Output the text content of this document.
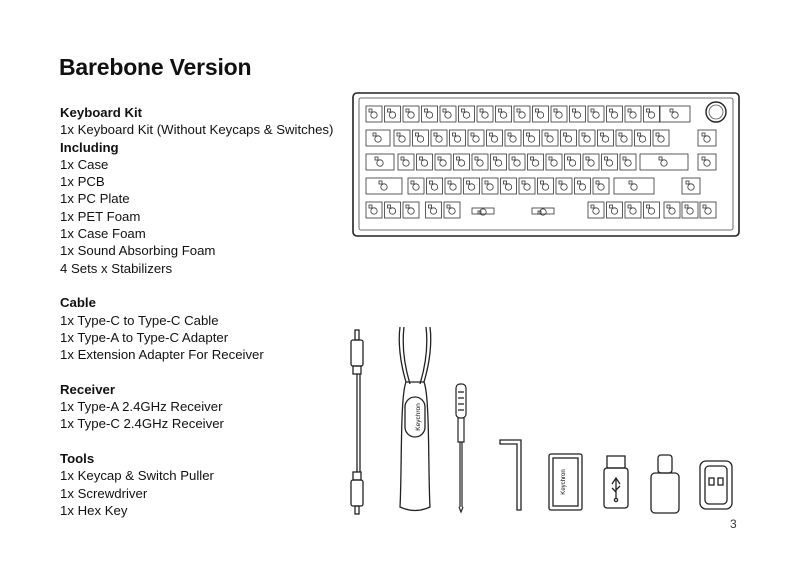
Barebone Version
Keyboard Kit
1x Keyboard Kit (Without Keycaps & Switches)
Including
1x Case
1x PCB
1x PC Plate
1x PET Foam
1x Case Foam
1x Sound Absorbing Foam
4 Sets x Stabilizers
Cable
1x Type-C to Type-C Cable
1x Type-A to Type-C Adapter
1x Extension Adapter For Receiver
Receiver
1x Type-A 2.4GHz Receiver
1x Type-C 2.4GHz Receiver
Tools
1x Keycap & Switch Puller
1x Screwdriver
1x Hex Key
Keychron
Keychron
3
